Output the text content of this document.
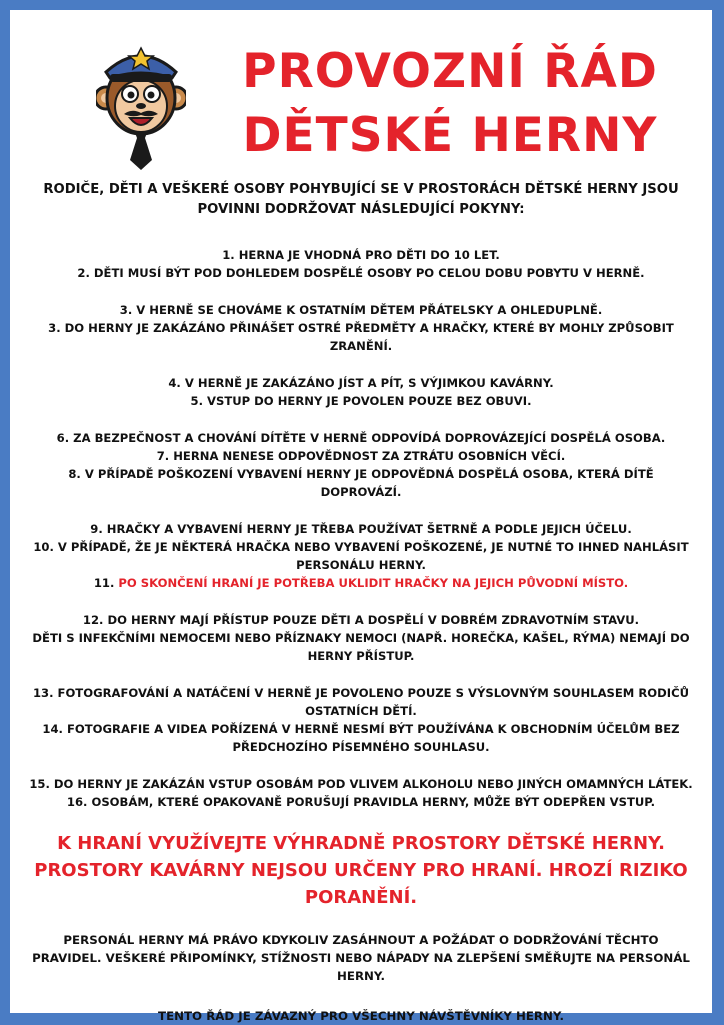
PROVOZNÍ ŘÁD
DĚTSKÉ HERNY

RODIČE, DĚTI A VEŠKERÉ OSOBY POHYBUJÍCÍ SE V PROSTORÁCH DĚTSKÉ HERNY JSOU POVINNI DODRŽOVAT NÁSLEDUJÍCÍ POKYNY:

1. HERNA JE VHODNÁ PRO DĚTI DO 10 LET.

2. DĚTI MUSÍ BÝT POD DOHLEDEM DOSPĚLÉ OSOBY PO CELOU DOBU POBYTU V HERNĚ.

3. V HERNĚ SE CHOVÁME K OSTATNÍM DĚTEM PŘÁTELSKY A OHLEDUPLNĚ.

3. DO HERNY JE ZAKÁZÁNO PŘINÁŠET OSTRÉ PŘEDMĚTY A HRAČKY, KTERÉ BY MOHLY ZPŮSOBIT ZRANĚNÍ.

4. V HERNĚ JE ZAKÁZÁNO JÍST A PÍT, S VÝJIMKOU KAVÁRNY.

5. VSTUP DO HERNY JE POVOLEN POUZE BEZ OBUVI.

6. ZA BEZPEČNOST A CHOVÁNÍ DÍTĚTE V HERNĚ ODPOVÍDÁ DOPROVÁZEJÍCÍ DOSPĚLÁ OSOBA.

7. HERNA NENESE ODPOVĚDNOST ZA ZTRÁTU OSOBNÍCH VĚCÍ.

8. V PŘÍPADĚ POŠKOZENÍ VYBAVENÍ HERNY JE ODPOVĚDNÁ DOSPĚLÁ OSOBA, KTERÁ DÍTĚ DOPROVÁZÍ.

9. HRAČKY A VYBAVENÍ HERNY JE TŘEBA POUŽÍVAT ŠETRNĚ A PODLE JEJICH ÚČELU.

10. V PŘÍPADĚ, ŽE JE NĚKTERÁ HRAČKA NEBO VYBAVENÍ POŠKOZENÉ, JE NUTNÉ TO IHNED NAHLÁSIT PERSONÁLU HERNY.

11. PO SKONČENÍ HRANÍ JE POTŘEBA UKLIDIT HRAČKY NA JEJICH PŮVODNÍ MÍSTO.

12. DO HERNY MAJÍ PŘÍSTUP POUZE DĚTI A DOSPĚLÍ V DOBRÉM ZDRAVOTNÍM STAVU.

DĚTI S INFEKČNÍMI NEMOCEMI NEBO PŘÍZNAKY NEMOCI (NAPŘ. HOREČKA, KAŠEL, RÝMA) NEMAJÍ DO HERNY PŘÍSTUP.

13. FOTOGRAFOVÁNÍ A NATÁČENÍ V HERNĚ JE POVOLENO POUZE S VÝSLOVNÝM SOUHLASEM RODIČŮ OSTATNÍCH DĚTÍ.

14. FOTOGRAFIE A VIDEA POŘÍZENÁ V HERNĚ NESMÍ BÝT POUŽÍVÁNA K OBCHODNÍM ÚČELŮM BEZ PŘEDCHOZÍHO PÍSEMNÉHO SOUHLASU.

15. DO HERNY JE ZAKÁZÁN VSTUP OSOBÁM POD VLIVEM ALKOHOLU NEBO JINÝCH OMAMNÝCH LÁTEK.

16. OSOBÁM, KTERÉ OPAKOVANĚ PORUŠUJÍ PRAVIDLA HERNY, MŮŽE BÝT ODEPŘEN VSTUP.

K HRANÍ VYUŽÍVEJTE VÝHRADNĚ PROSTORY DĚTSKÉ HERNY. PROSTORY KAVÁRNY NEJSOU URČENY PRO HRANÍ. HROZÍ RIZIKO PORANĚNÍ.

PERSONÁL HERNY MÁ PRÁVO KDYKOLIV ZASÁHNOUT A POŽÁDAT O DODRŽOVÁNÍ TĚCHTO PRAVIDEL. VEŠKERÉ PŘIPOMÍNKY, STÍŽNOSTI NEBO NÁPADY NA ZLEPŠENÍ SMĚŘUJTE NA PERSONÁL HERNY.

TENTO ŘÁD JE ZÁVAZNÝ PRO VŠECHNY NÁVŠTĚVNÍKY HERNY.
